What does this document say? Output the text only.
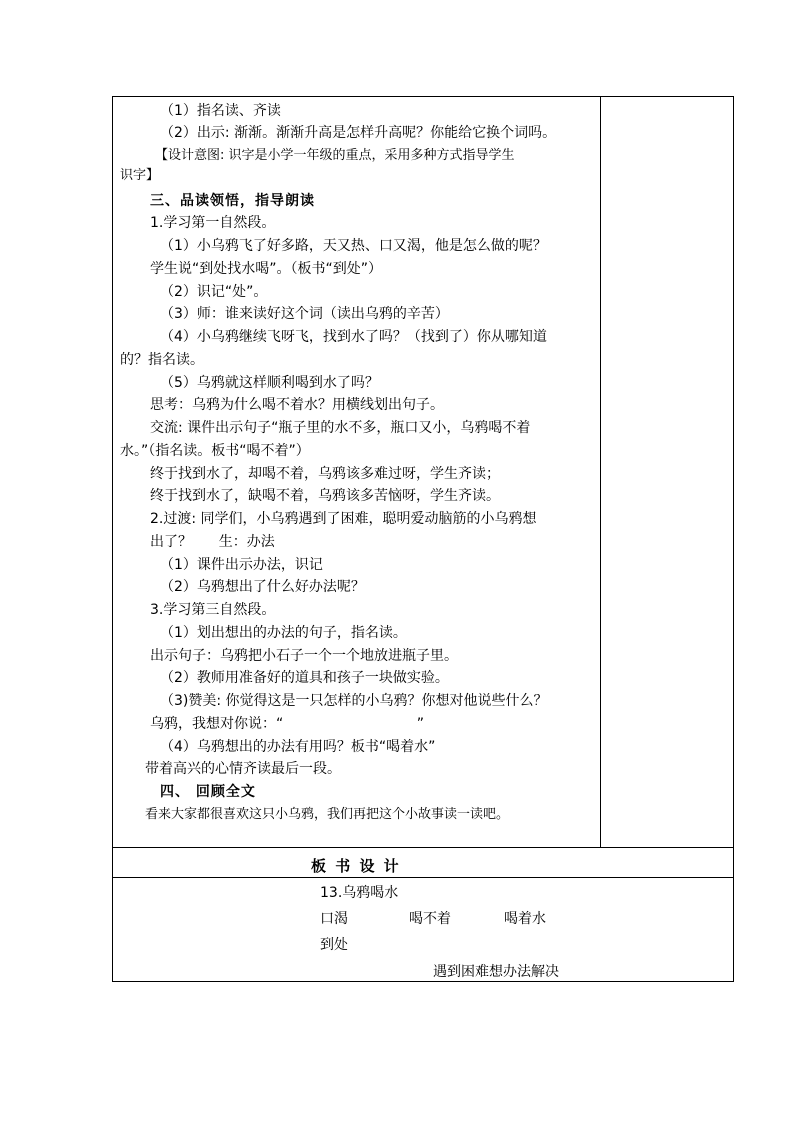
（1）指名读、齐读
（2）出示: 渐渐。渐渐升高是怎样升高呢？你能给它换个词吗。
【设计意图: 识字是小学一年级的重点，采用多种方式指导学生
识字】
三、品读领悟，指导朗读
1.学习第一自然段。
（1）小乌鸦飞了好多路，天又热、口又渴，他是怎么做的呢？
学生说“到处找水喝”。（板书“到处”）
（2）识记“处”。
（3）师：谁来读好这个词（读出乌鸦的辛苦）
（4）小乌鸦继续飞呀飞，找到水了吗？（找到了）你从哪知道
的？指名读。
（5）乌鸦就这样顺利喝到水了吗？
思考：乌鸦为什么喝不着水？用横线划出句子。
交流: 课件出示句子“瓶子里的水不多，瓶口又小，乌鸦喝不着
水。”（指名读。板书“喝不着”）
终于找到水了，却喝不着，乌鸦该多难过呀，学生齐读；
终于找到水了，缺喝不着，乌鸦该多苦恼呀，学生齐读。
2.过渡: 同学们，小乌鸦遇到了困难，聪明爱动脑筋的小乌鸦想
出了？      生：办法
（1）课件出示办法，识记
（2）乌鸦想出了什么好办法呢？
3.学习第三自然段。
（1）划出想出的办法的句子，指名读。
出示句子：乌鸦把小石子一个一个地放进瓶子里。
（2）教师用准备好的道具和孩子一块做实验。
（3)赞美: 你觉得这是一只怎样的小乌鸦？你想对他说些什么？
乌鸦，我想对你说：“                              ”
（4）乌鸦想出的办法有用吗？板书“喝着水”
带着高兴的心情齐读最后一段。
四、 回顾全文
看来大家都很喜欢这只小乌鸦，我们再把这个小故事读一读吧。
板 书 设 计
13.乌鸦喝水
口渴	喝不着	喝着水
到处
遇到困难想办法解决
